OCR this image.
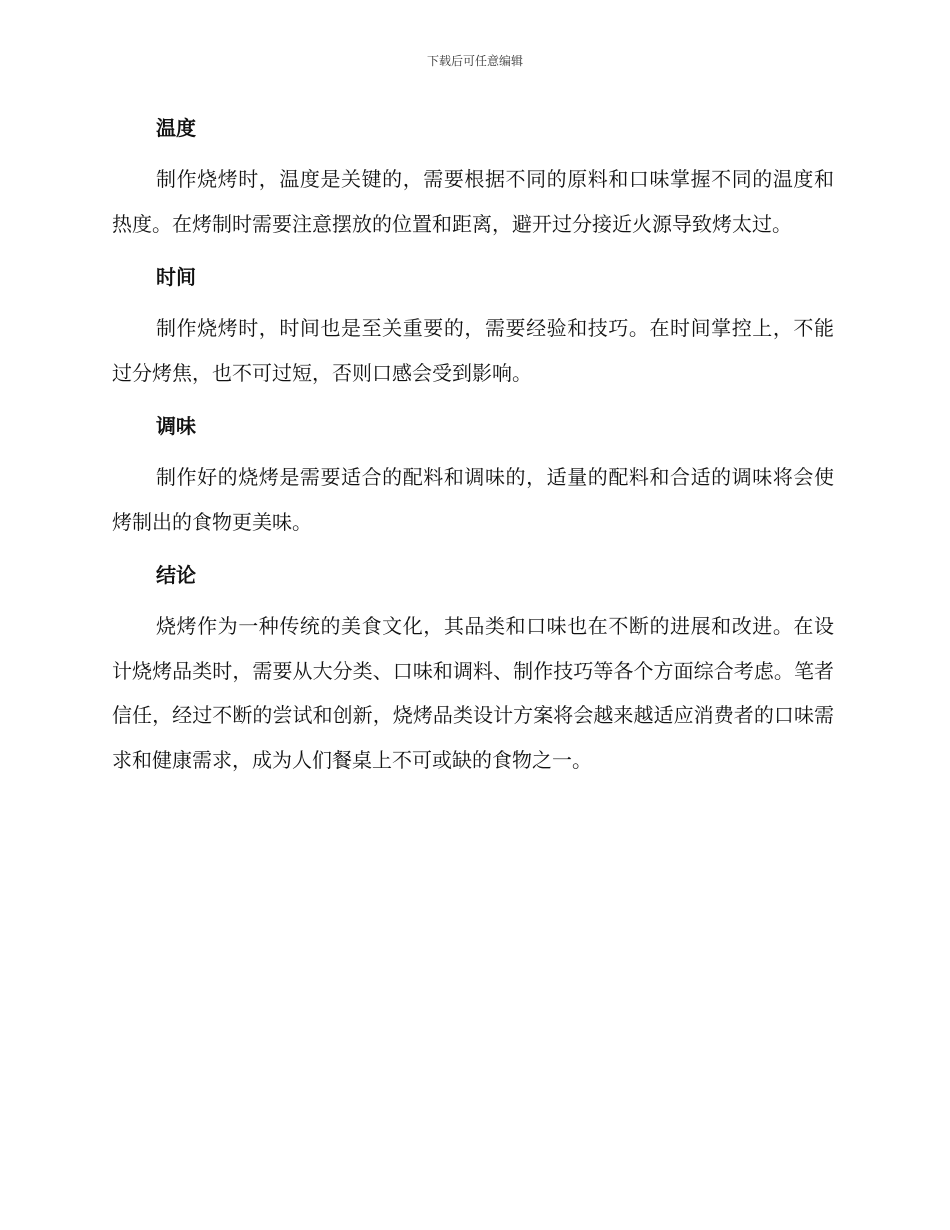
下载后可任意编辑
温度

制作烧烤时，温度是关键的，需要根据不同的原料和口味掌握不同的温度和热度。在烤制时需要注意摆放的位置和距离，避开过分接近火源导致烤太过。

时间

制作烧烤时，时间也是至关重要的，需要经验和技巧。在时间掌控上，不能过分烤焦，也不可过短，否则口感会受到影响。

调味

制作好的烧烤是需要适合的配料和调味的，适量的配料和合适的调味将会使烤制出的食物更美味。

结论

烧烤作为一种传统的美食文化，其品类和口味也在不断的进展和改进。在设计烧烤品类时，需要从大分类、口味和调料、制作技巧等各个方面综合考虑。笔者信任，经过不断的尝试和创新，烧烤品类设计方案将会越来越适应消费者的口味需求和健康需求，成为人们餐桌上不可或缺的食物之一。
